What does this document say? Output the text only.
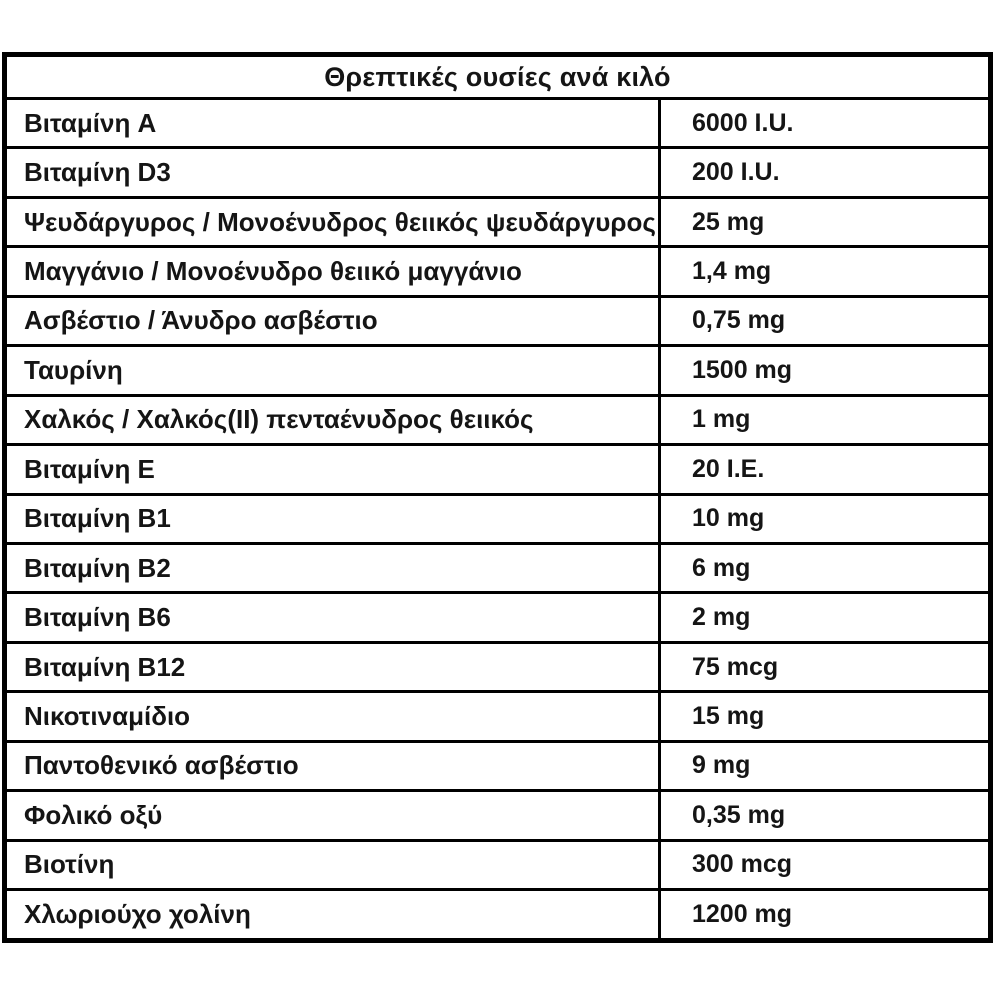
Θρεπτικές ουσίες ανά κιλό	
Βιταμίνη A	6000 I.U.
Βιταμίνη D3	200 I.U.
Ψευδάργυρος / Μονοένυδρος θειικός ψευδάργυρος	25 mg
Μαγγάνιο / Μονοένυδρο θειικό μαγγάνιο	1,4 mg
Ασβέστιο / Άνυδρο ασβέστιο	0,75 mg
Ταυρίνη	1500 mg
Χαλκός / Χαλκός(II) πενταένυδρος θειικός	1 mg
Βιταμίνη E	20 I.E.
Βιταμίνη B1	10 mg
Βιταμίνη B2	6 mg
Βιταμίνη B6	2 mg
Βιταμίνη B12	75 mcg
Νικοτιναμίδιο	15 mg
Παντοθενικό ασβέστιο	9 mg
Φολικό οξύ	0,35 mg
Βιοτίνη	300 mcg
Χλωριούχο χολίνη	1200 mg
